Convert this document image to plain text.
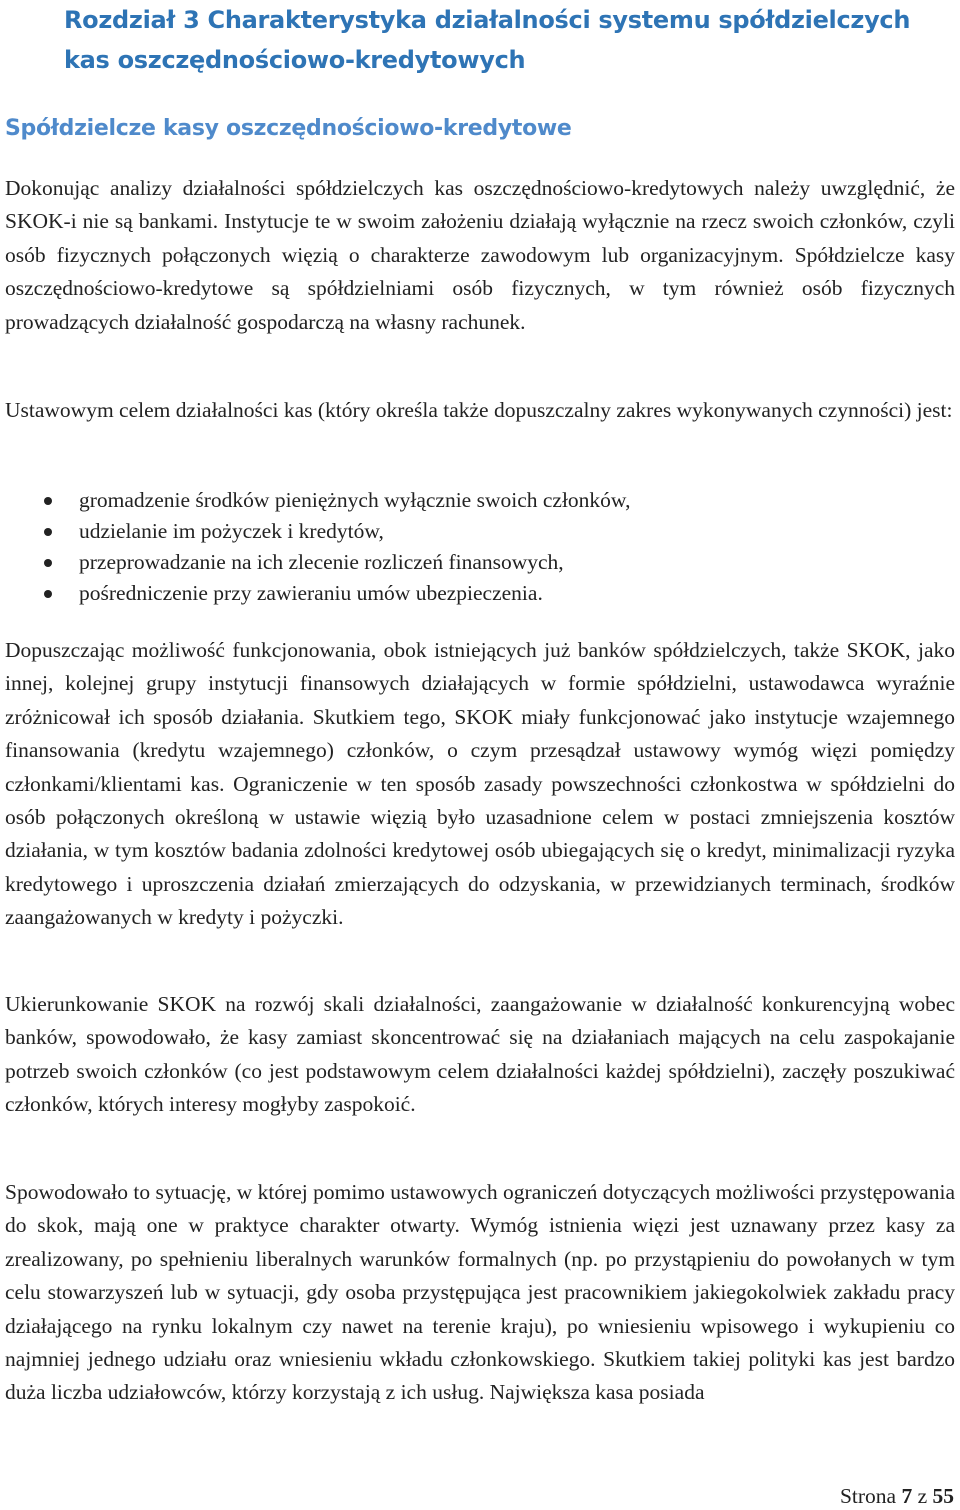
Rozdział 3 Charakterystyka działalności systemu spółdzielczych kas oszczędnościowo-kredytowych
Spółdzielcze kasy oszczędnościowo-kredytowe

Dokonując analizy działalności spółdzielczych kas oszczędnościowo-kredytowych należy uwzględnić, że SKOK-i nie są bankami. Instytucje te w swoim założeniu działają wyłącznie na rzecz swoich członków, czyli osób fizycznych połączonych więzią o charakterze zawodowym lub organizacyjnym. Spółdzielcze kasy oszczędnościowo-kredytowe są spółdzielniami osób fizycznych, w tym również osób fizycznych prowadzących działalność gospodarczą na własny rachunek.

Ustawowym celem działalności kas (który określa także dopuszczalny zakres wykonywanych czynności) jest:

gromadzenie środków pieniężnych wyłącznie swoich członków,
udzielanie im pożyczek i kredytów,
przeprowadzanie na ich zlecenie rozliczeń finansowych,
pośredniczenie przy zawieraniu umów ubezpieczenia.

Dopuszczając możliwość funkcjonowania, obok istniejących już banków spółdzielczych, także SKOK, jako innej, kolejnej grupy instytucji finansowych działających w formie spółdzielni, ustawodawca wyraźnie zróżnicował ich sposób działania. Skutkiem tego, SKOK miały funkcjonować jako instytucje wzajemnego finansowania (kredytu wzajemnego) członków, o czym przesądzał ustawowy wymóg więzi pomiędzy członkami/klientami kas. Ograniczenie w ten sposób zasady powszechności członkostwa w spółdzielni do osób połączonych określoną w ustawie więzią było uzasadnione celem w postaci zmniejszenia kosztów działania, w tym kosztów badania zdolności kredytowej osób ubiegających się o kredyt, minimalizacji ryzyka kredytowego i uproszczenia działań zmierzających do odzyskania, w przewidzianych terminach, środków zaangażowanych w kredyty i pożyczki.

Ukierunkowanie SKOK na rozwój skali działalności, zaangażowanie w działalność konkurencyjną wobec banków, spowodowało, że kasy zamiast skoncentrować się na działaniach mających na celu zaspokajanie potrzeb swoich członków (co jest podstawowym celem działalności każdej spółdzielni), zaczęły poszukiwać członków, których interesy mogłyby zaspokoić.

Spowodowało to sytuację, w której pomimo ustawowych ograniczeń dotyczących możliwości przystępowania do skok, mają one w praktyce charakter otwarty. Wymóg istnienia więzi jest uznawany przez kasy za zrealizowany, po spełnieniu liberalnych warunków formalnych (np. po przystąpieniu do powołanych w tym celu stowarzyszeń lub w sytuacji, gdy osoba przystępująca jest pracownikiem jakiegokolwiek zakładu pracy działającego na rynku lokalnym czy nawet na terenie kraju), po wniesieniu wpisowego i wykupieniu co najmniej jednego udziału oraz wniesieniu wkładu członkowskiego. Skutkiem takiej polityki kas jest bardzo duża liczba udziałowców, którzy korzystają z ich usług. Największa kasa posiada

Strona 7 z 55
